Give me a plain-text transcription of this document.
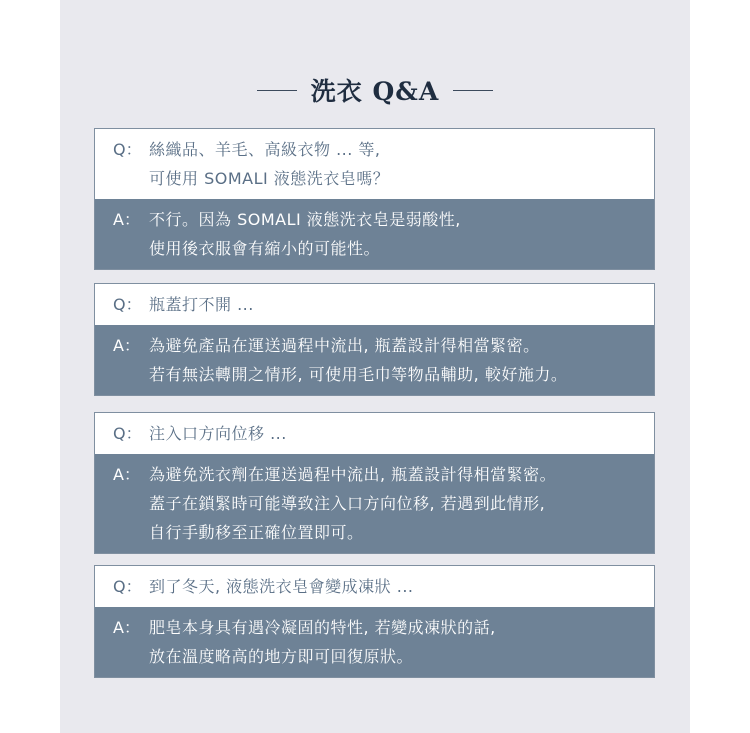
洗衣 Q&A
Q： 絲織品、羊毛、高級衣物 ... 等,
可使用 SOMALI 液態洗衣皂嗎？
A： 不行。因為 SOMALI 液態洗衣皂是弱酸性,
使用後衣服會有縮小的可能性。
Q： 瓶蓋打不開 ...
A： 為避免產品在運送過程中流出, 瓶蓋設計得相當緊密。
若有無法轉開之情形, 可使用毛巾等物品輔助, 較好施力。
Q： 注入口方向位移 ...
A： 為避免洗衣劑在運送過程中流出, 瓶蓋設計得相當緊密。
蓋子在鎖緊時可能導致注入口方向位移, 若遇到此情形,
自行手動移至正確位置即可。
Q： 到了冬天, 液態洗衣皂會變成凍狀 ...
A： 肥皂本身具有遇冷凝固的特性, 若變成凍狀的話,
放在溫度略高的地方即可回復原狀。
